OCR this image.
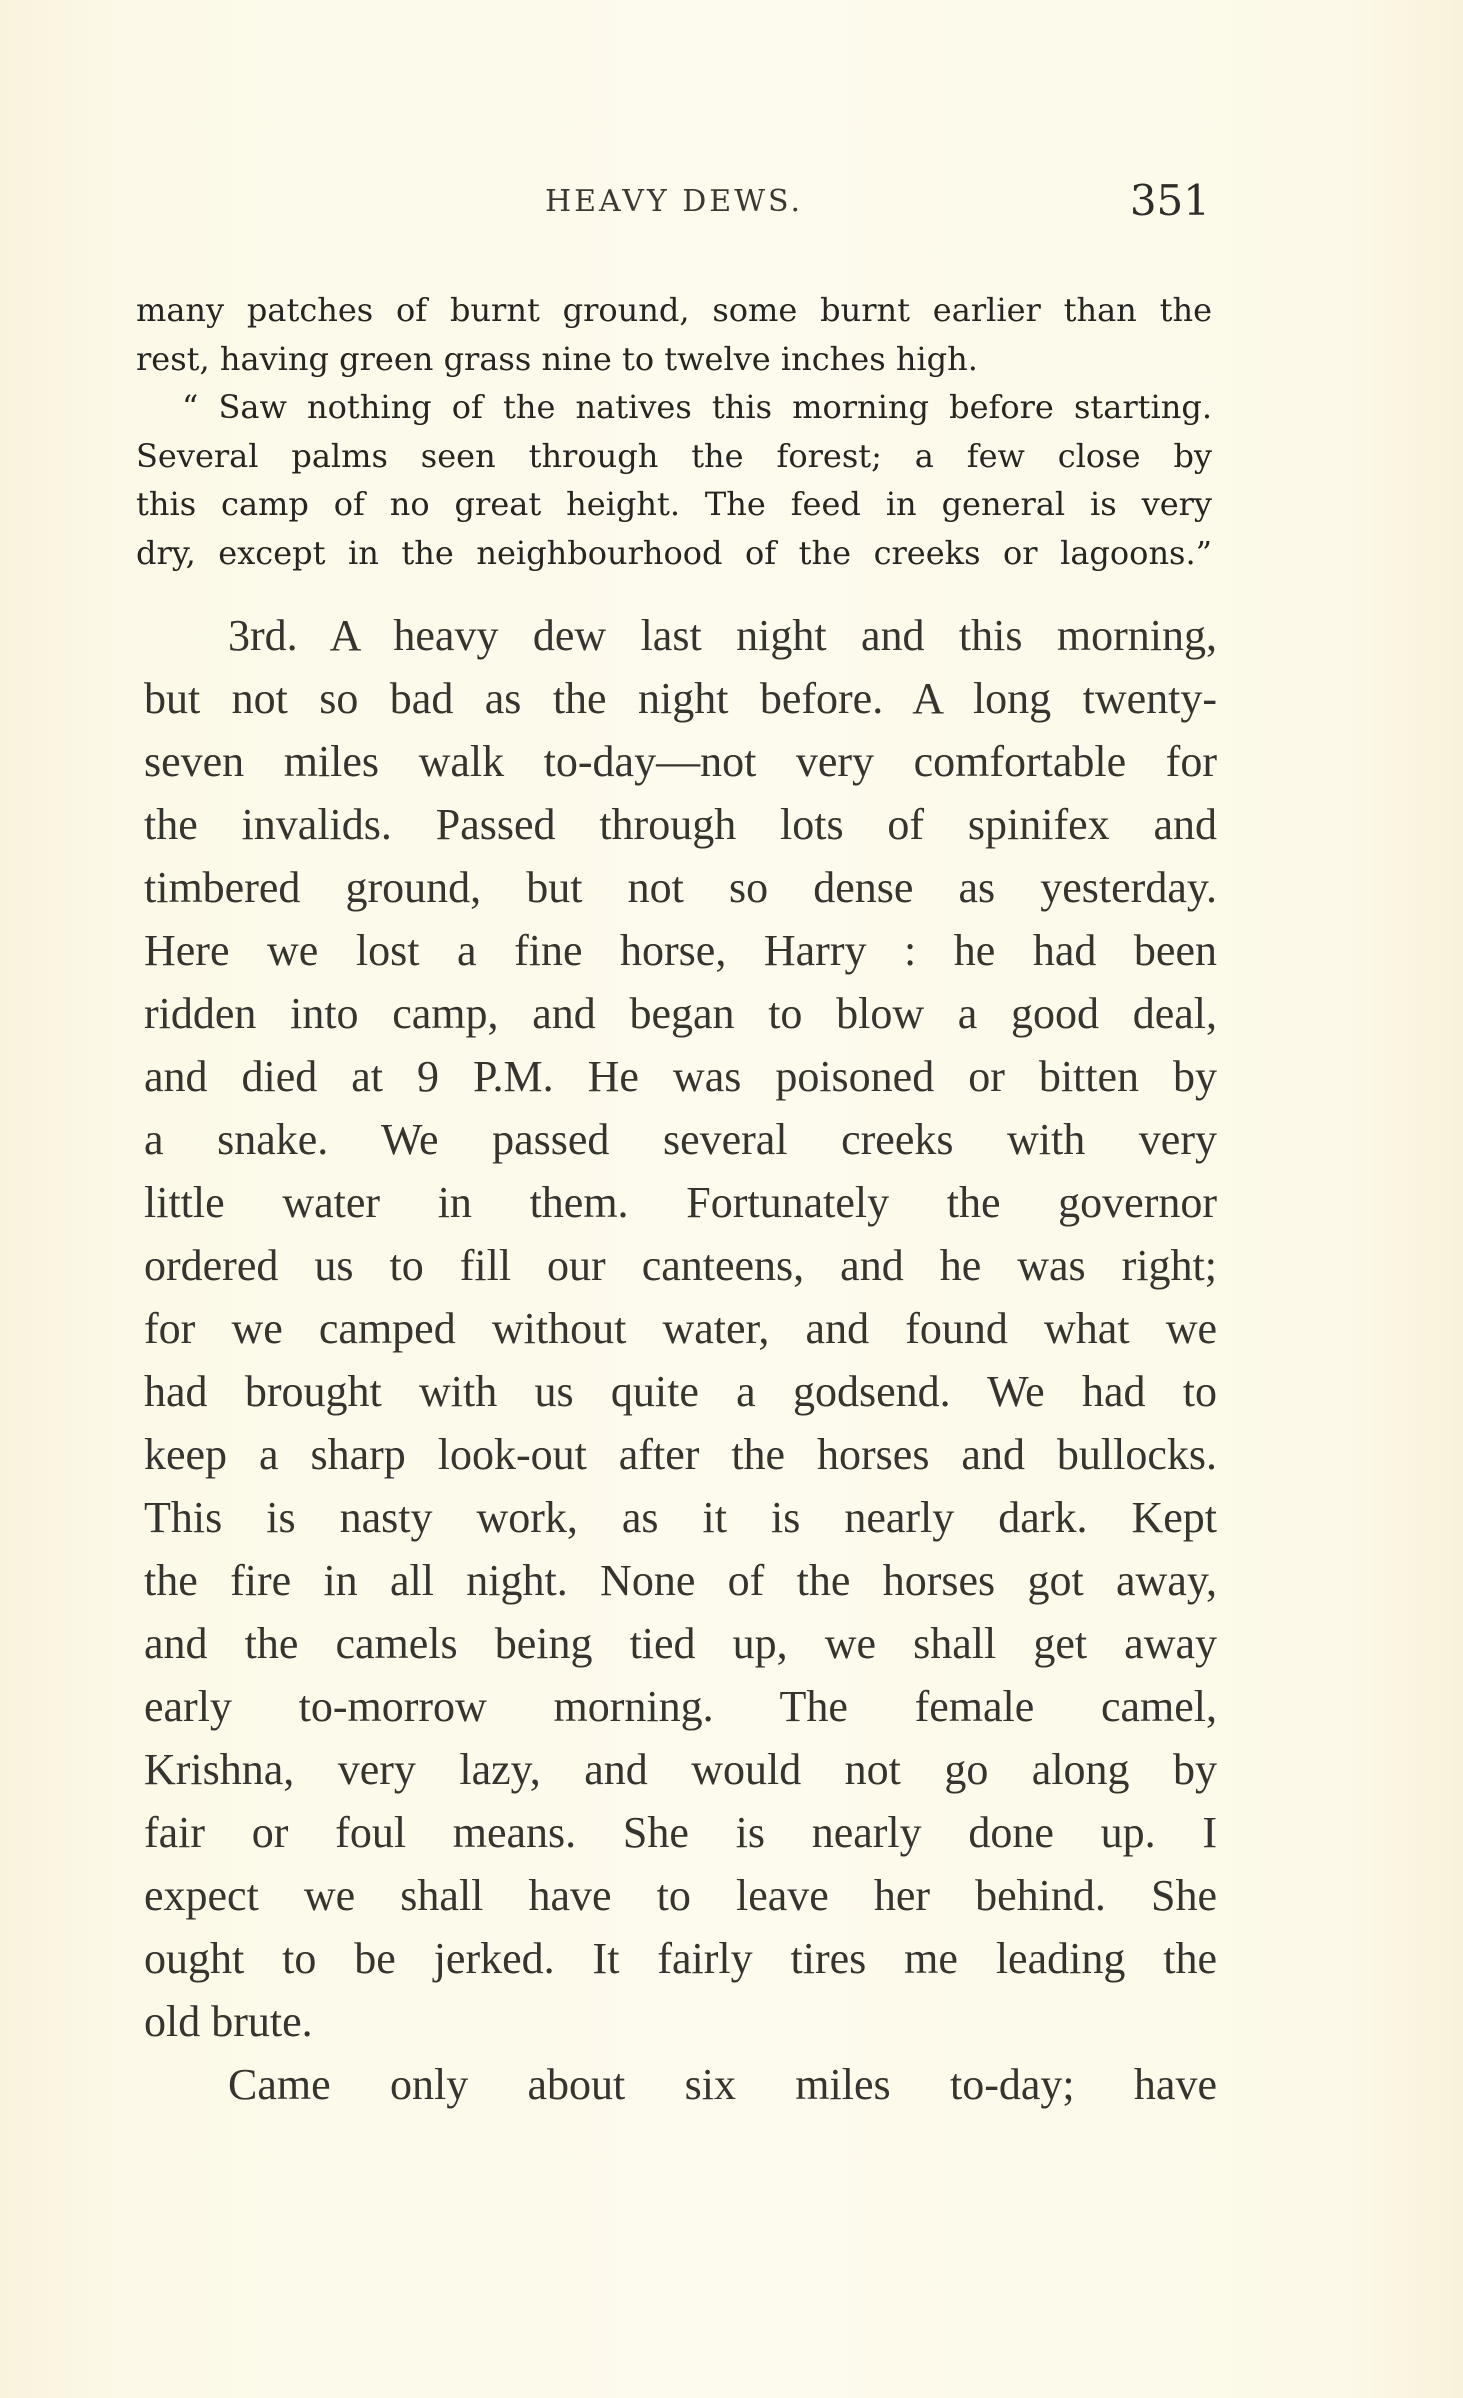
HEAVY DEWS.	351
many patches of burnt ground, some burnt earlier than the
rest, having green grass nine to twelve inches high.
“ Saw nothing of the natives this morning before starting.
Several palms seen through the forest; a few close by
this camp of no great height. The feed in general is very
dry, except in the neighbourhood of the creeks or lagoons.”
3rd. A heavy dew last night and this morning,
but not so bad as the night before. A long twenty-
seven miles walk to-day—not very comfortable for
the invalids. Passed through lots of spinifex and
timbered ground, but not so dense as yesterday.
Here we lost a fine horse, Harry : he had been
ridden into camp, and began to blow a good deal,
and died at 9 P.M. He was poisoned or bitten by
a snake. We passed several creeks with very
little water in them. Fortunately the governor
ordered us to fill our canteens, and he was right;
for we camped without water, and found what we
had brought with us quite a godsend. We had to
keep a sharp look-out after the horses and bullocks.
This is nasty work, as it is nearly dark. Kept
the fire in all night. None of the horses got away,
and the camels being tied up, we shall get away
early to-morrow morning. The female camel,
Krishna, very lazy, and would not go along by
fair or foul means. She is nearly done up. I
expect we shall have to leave her behind. She
ought to be jerked. It fairly tires me leading the
old brute.
Came only about six miles to-day; have
